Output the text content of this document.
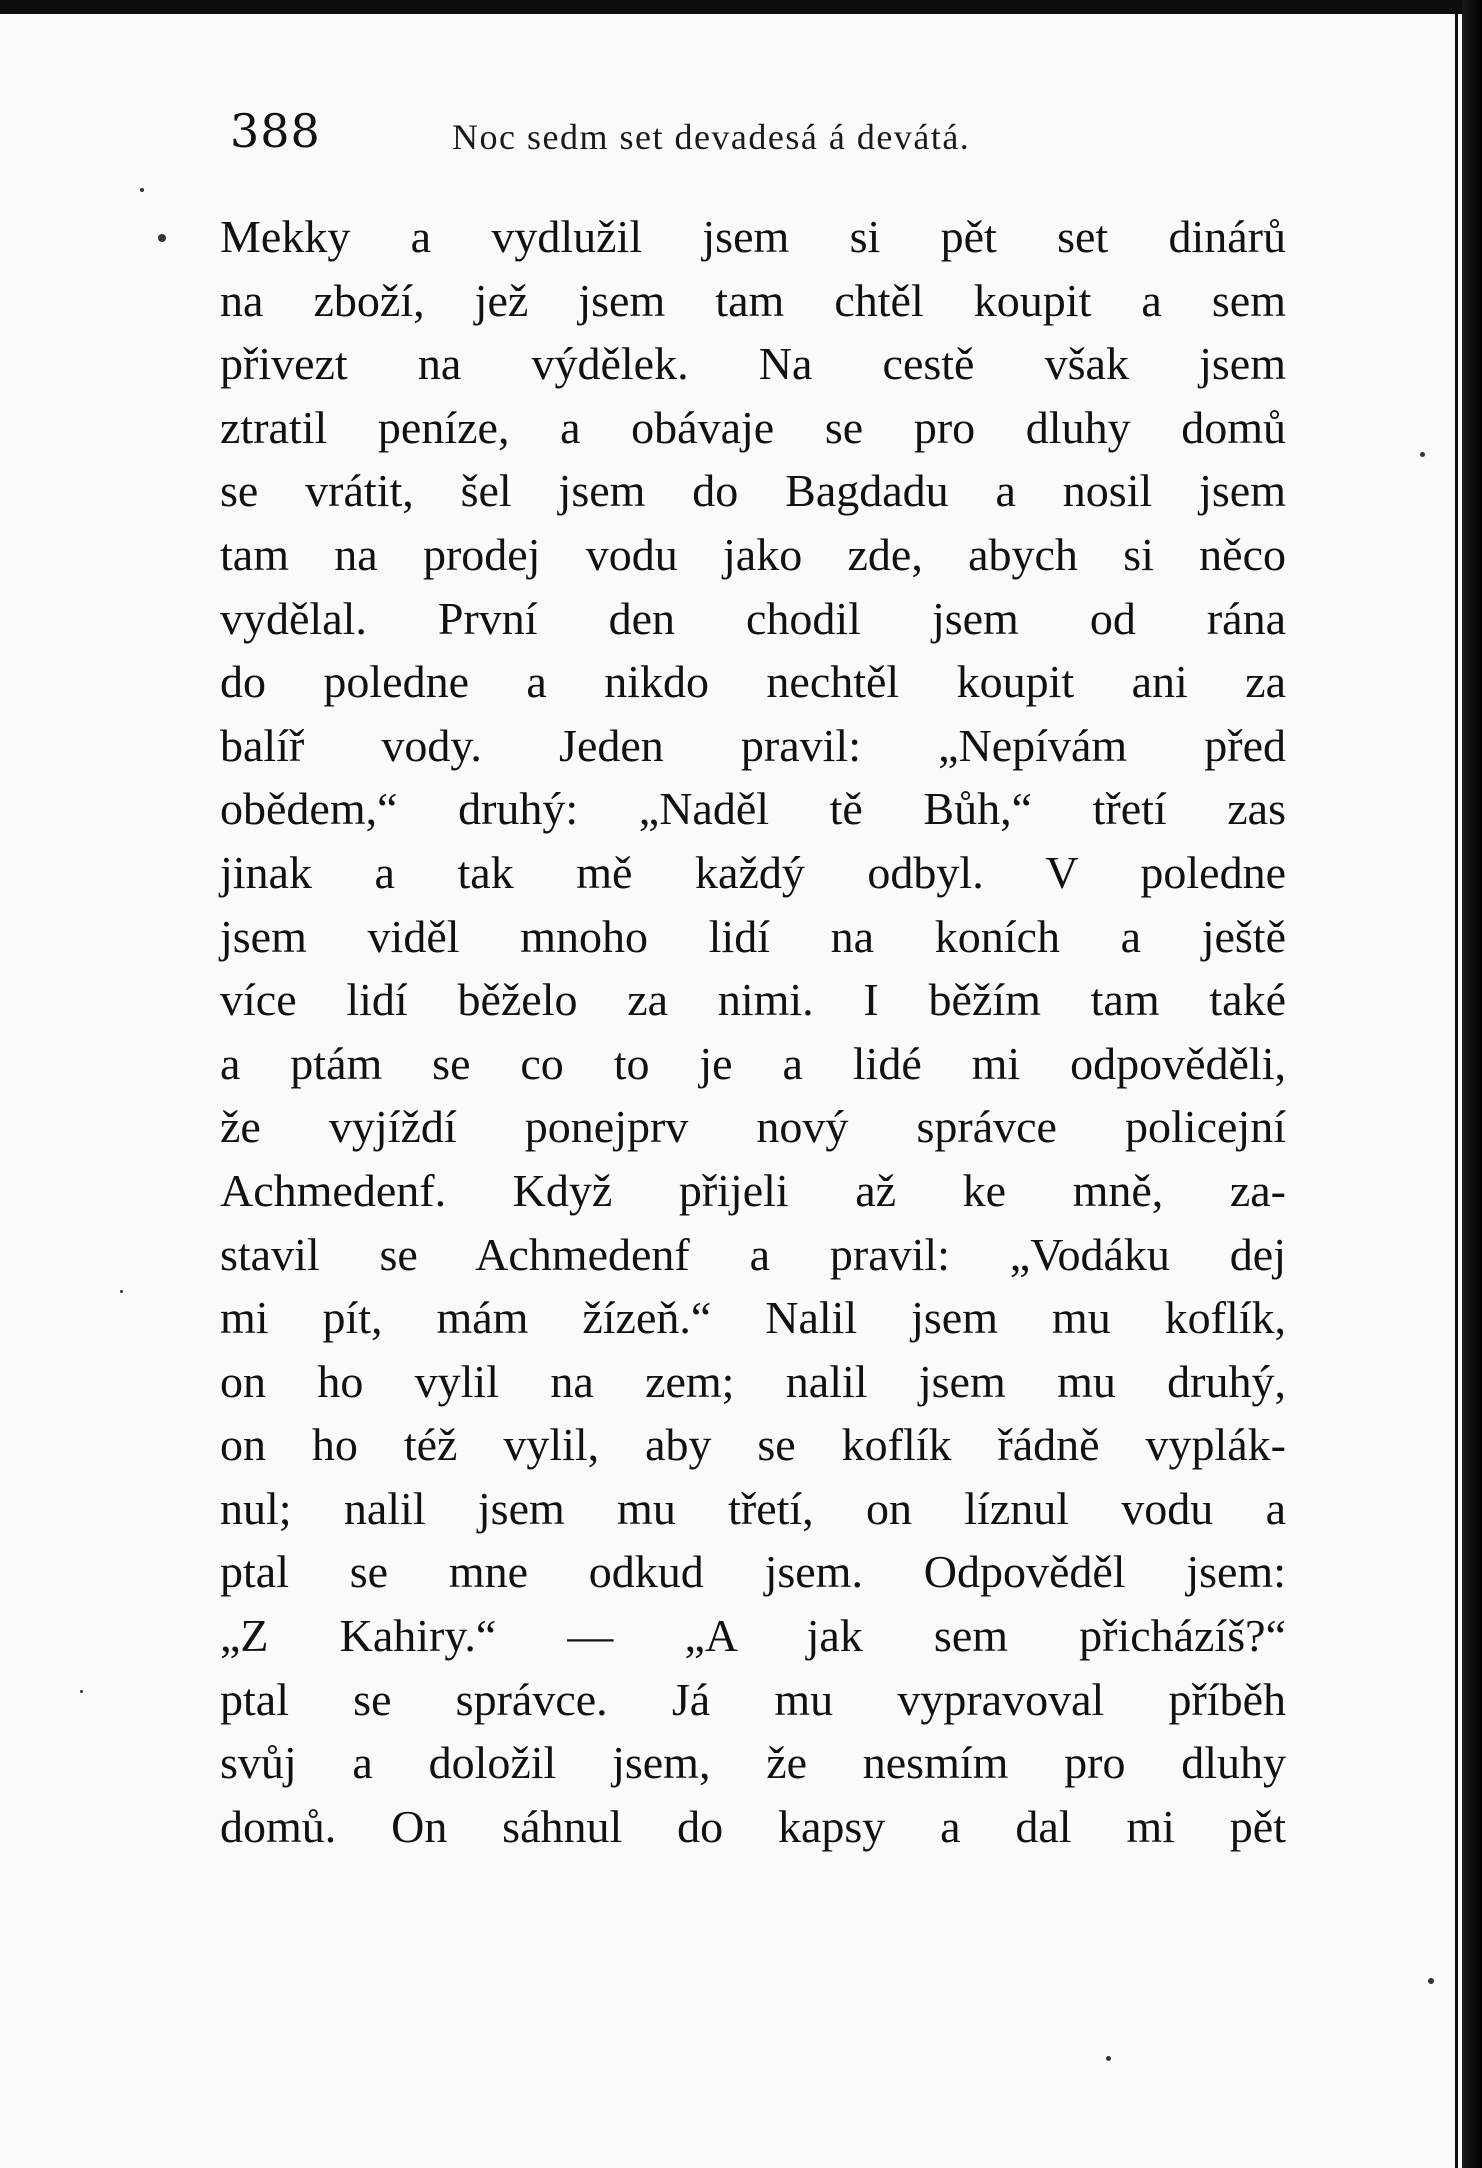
388	Noc sedm set devadesá á devátá.
Mekky a vydlužil jsem si pět set dinárů
na zboží, jež jsem tam chtěl koupit a sem
přivezt na výdělek. Na cestě však jsem
ztratil peníze, a obávaje se pro dluhy domů
se vrátit, šel jsem do Bagdadu a nosil jsem
tam na prodej vodu jako zde, abych si něco
vydělal. První den chodil jsem od rána
do poledne a nikdo nechtěl koupit ani za
balíř vody. Jeden pravil: „Nepívám před
obědem,“ druhý: „Naděl tě Bůh,“ třetí zas
jinak a tak mě každý odbyl. V poledne
jsem viděl mnoho lidí na koních a ještě
více lidí běželo za nimi. I běžím tam také
a ptám se co to je a lidé mi odpověděli,
že vyjíždí ponejprv nový správce policejní
Achmedenf. Když přijeli až ke mně, za-
stavil se Achmedenf a pravil: „Vodáku dej
mi pít, mám žízeň.“ Nalil jsem mu koflík,
on ho vylil na zem; nalil jsem mu druhý,
on ho též vylil, aby se koflík řádně vyplák-
nul; nalil jsem mu třetí, on líznul vodu a
ptal se mne odkud jsem. Odpověděl jsem:
„Z Kahiry.“ — „A jak sem přicházíš?“
ptal se správce. Já mu vypravoval příběh
svůj a doložil jsem, že nesmím pro dluhy
domů. On sáhnul do kapsy a dal mi pět
